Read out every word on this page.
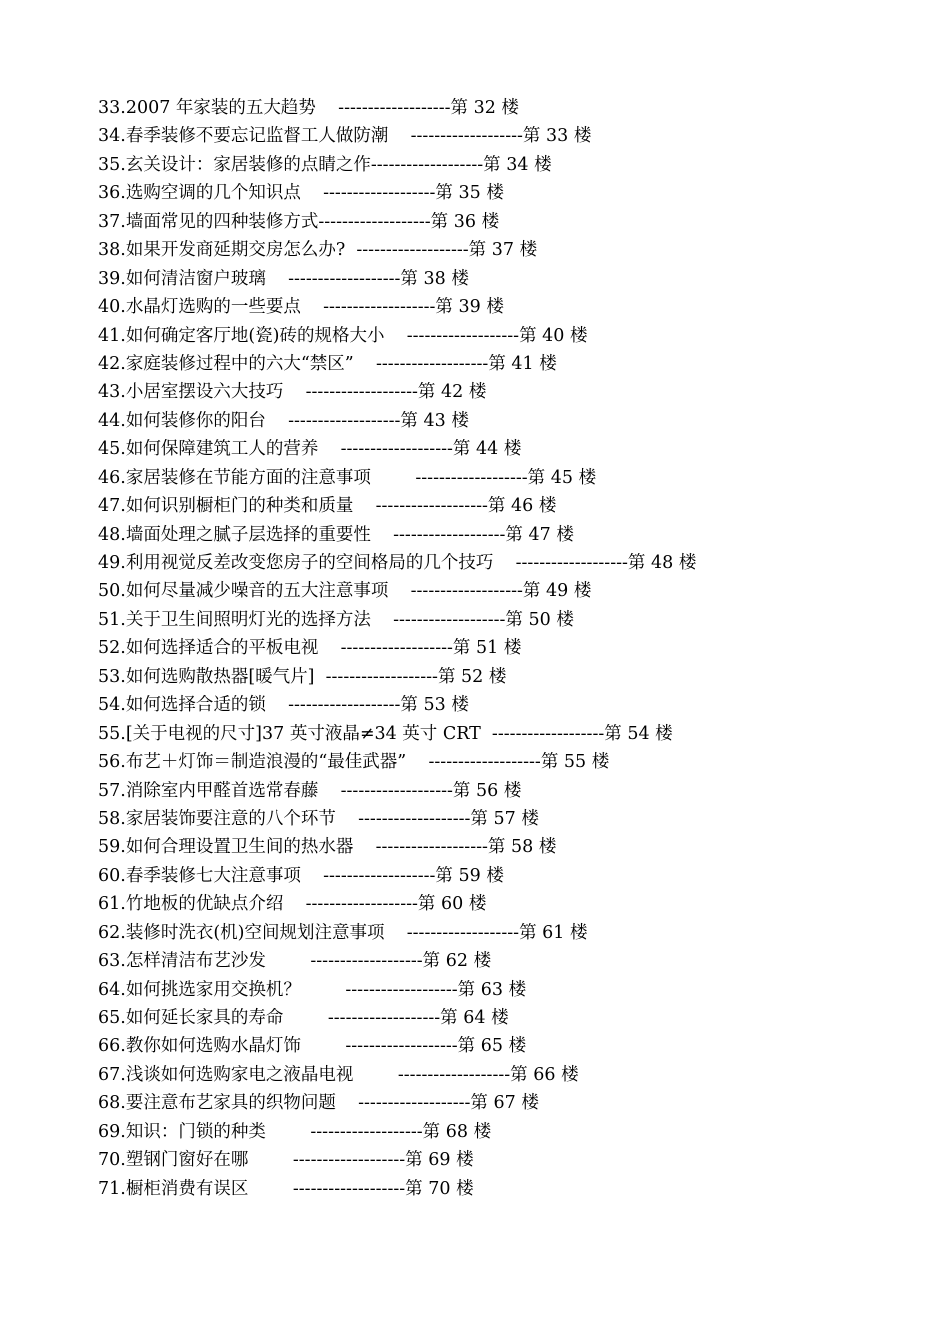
33.2007 年家装的五大趋势    -------------------第 32 楼
34.春季装修不要忘记监督工人做防潮    -------------------第 33 楼
35.玄关设计：家居装修的点睛之作-------------------第 34 楼
36.选购空调的几个知识点    -------------------第 35 楼
37.墙面常见的四种装修方式-------------------第 36 楼
38.如果开发商延期交房怎么办?  -------------------第 37 楼
39.如何清洁窗户玻璃    -------------------第 38 楼
40.水晶灯选购的一些要点    -------------------第 39 楼
41.如何确定客厅地(瓷)砖的规格大小    -------------------第 40 楼
42.家庭装修过程中的六大“禁区”    -------------------第 41 楼
43.小居室摆设六大技巧    -------------------第 42 楼
44.如何装修你的阳台    -------------------第 43 楼
45.如何保障建筑工人的营养    -------------------第 44 楼
46.家居装修在节能方面的注意事项        -------------------第 45 楼
47.如何识别橱柜门的种类和质量    -------------------第 46 楼
48.墙面处理之腻子层选择的重要性    -------------------第 47 楼
49.利用视觉反差改变您房子的空间格局的几个技巧    -------------------第 48 楼
50.如何尽量减少噪音的五大注意事项    -------------------第 49 楼
51.关于卫生间照明灯光的选择方法    -------------------第 50 楼
52.如何选择适合的平板电视    -------------------第 51 楼
53.如何选购散热器[暖气片]  -------------------第 52 楼
54.如何选择合适的锁    -------------------第 53 楼
55.[关于电视的尺寸]37 英寸液晶≠34 英寸 CRT  -------------------第 54 楼
56.布艺＋灯饰＝制造浪漫的“最佳武器”    -------------------第 55 楼
57.消除室内甲醛首选常春藤    -------------------第 56 楼
58.家居装饰要注意的八个环节    -------------------第 57 楼
59.如何合理设置卫生间的热水器    -------------------第 58 楼
60.春季装修七大注意事项    -------------------第 59 楼
61.竹地板的优缺点介绍    -------------------第 60 楼
62.装修时洗衣(机)空间规划注意事项    -------------------第 61 楼
63.怎样清洁布艺沙发        -------------------第 62 楼
64.如何挑选家用交换机？        -------------------第 63 楼
65.如何延长家具的寿命        -------------------第 64 楼
66.教你如何选购水晶灯饰        -------------------第 65 楼
67.浅谈如何选购家电之液晶电视        -------------------第 66 楼
68.要注意布艺家具的织物问题    -------------------第 67 楼
69.知识：门锁的种类        -------------------第 68 楼
70.塑钢门窗好在哪        -------------------第 69 楼
71.橱柜消费有误区        -------------------第 70 楼
